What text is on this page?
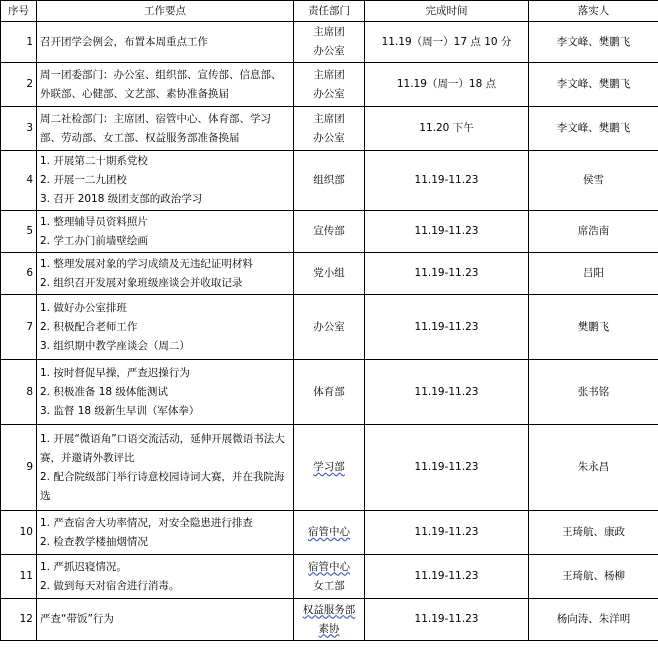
序号	工作要点	责任部门	完成时间	落实人
1	召开团学会例会，布置本周重点工作	主席团
办公室	11.19（周一）17 点 10 分	李文峰、樊鹏飞
2	周一团委部门：办公室、组织部、宣传部、信息部、外联部、心健部、文艺部、素协准备换届	主席团
办公室	11.19（周一）18 点	李文峰、樊鹏飞
3	周二社检部门：主席团、宿管中心、体育部、学习部、劳动部、女工部、权益服务部准备换届	主席团
办公室	11.20 下午	李文峰、樊鹏飞
4	1. 开展第二十期系党校
2. 开展一二九团校
3. 召开 2018 级团支部的政治学习	组织部	11.19-11.23	侯雪
5	1. 整理辅导员资料照片
2. 学工办门前墙壁绘画	宣传部	11.19-11.23	席浩南
6	1. 整理发展对象的学习成绩及无违纪证明材料
2. 组织召开发展对象班级座谈会并收取记录	党小组	11.19-11.23	吕阳
7	1. 做好办公室排班
2. 积极配合老师工作
3. 组织期中教学座谈会（周二）	办公室	11.19-11.23	樊鹏飞
8	1. 按时督促早操，严查迟操行为
2. 积极准备 18 级体能测试
3. 监督 18 级新生早训（军体拳）	体育部	11.19-11.23	张书铭
9	1. 开展“微语角”口语交流活动，延伸开展微语书法大赛，并邀请外教评比
2. 配合院级部门举行诗意校园诗词大赛，并在我院海选	学习部	11.19-11.23	朱永昌
10	1. 严查宿舍大功率情况，对安全隐患进行排查
2. 检查教学楼抽烟情况	宿管中心	11.19-11.23	王琦航、康政
11	1. 严抓迟寝情况。
2. 做到每天对宿舍进行消毒。	宿管中心
女工部	11.19-11.23	王琦航、杨柳
12	严查“带饭”行为	权益服务部
素协	11.19-11.23	杨向涛、朱洋明
